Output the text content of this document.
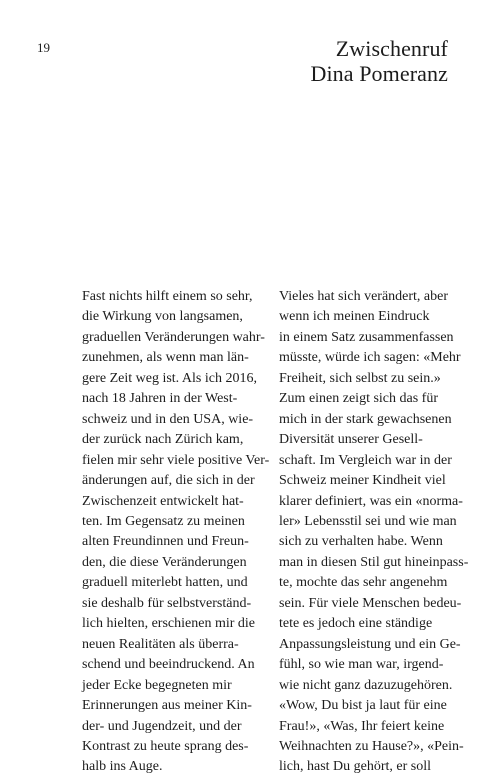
19	Zwischenruf
Dina Pomeranz
Fast nichts hilft einem so sehr,
die Wirkung von langsamen,
graduellen Veränderungen wahr-
zunehmen, als wenn man län-
gere Zeit weg ist. Als ich 2016,
nach 18 Jahren in der West-
schweiz und in den USA, wie-
der zurück nach Zürich kam,
fielen mir sehr viele positive Ver-
änderungen auf, die sich in der
Zwischenzeit entwickelt hat-
ten. Im Gegensatz zu meinen
alten Freundinnen und Freun-
den, die diese Veränderungen
graduell miterlebt hatten, und
sie deshalb für selbstverständ-
lich hielten, erschienen mir die
neuen Realitäten als überra-
schend und beeindruckend. An
jeder Ecke begegneten mir
Erinnerungen aus meiner Kin-
der- und Jugendzeit, und der
Kontrast zu heute sprang des-
halb ins Auge.
Vieles hat sich verändert, aber
wenn ich meinen Eindruck
in einem Satz zusammenfassen
müsste, würde ich sagen: «Mehr
Freiheit, sich selbst zu sein.»
Zum einen zeigt sich das für
mich in der stark gewachsenen
Diversität unserer Gesell-
schaft. Im Vergleich war in der
Schweiz meiner Kindheit viel
klarer definiert, was ein «norma-
ler» Lebensstil sei und wie man
sich zu verhalten habe. Wenn
man in diesen Stil gut hineinpass-
te, mochte das sehr angenehm
sein. Für viele Menschen bedeu-
tete es jedoch eine ständige
Anpassungsleistung und ein Ge-
fühl, so wie man war, irgend-
wie nicht ganz dazuzugehören.
«Wow, Du bist ja laut für eine
Frau!», «Was, Ihr feiert keine
Weihnachten zu Hause?», «Pein-
lich, hast Du gehört, er soll
